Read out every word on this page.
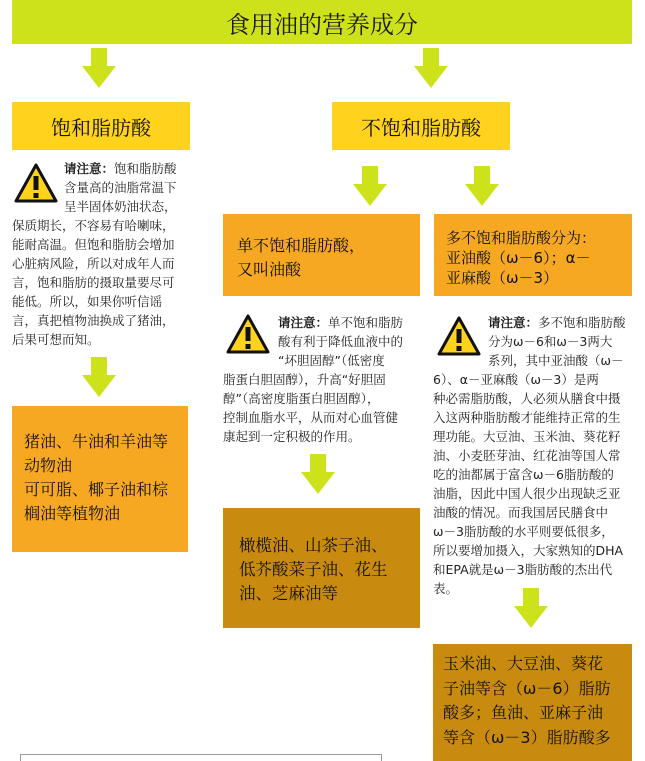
食用油的营养成分
饱和脂肪酸
请注意：饱和脂肪酸
含量高的油脂常温下
呈半固体奶油状态，
保质期长，不容易有哈喇味，
能耐高温。但饱和脂肪会增加
心脏病风险，所以对成年人而
言，饱和脂肪的摄取量要尽可
能低。所以，如果你听信谣
言，真把植物油换成了猪油，
后果可想而知。
猪油、牛油和羊油等
动物油
可可脂、椰子油和棕
榈油等植物油
不饱和脂肪酸
单不饱和脂肪酸，
又叫油酸
请注意：单不饱和脂肪
酸有利于降低血液中的
“坏胆固醇”（低密度
脂蛋白胆固醇），升高“好胆固
醇”（高密度脂蛋白胆固醇），
控制血脂水平，从而对心血管健
康起到一定积极的作用。
橄榄油、山茶子油、
低芥酸菜子油、花生
油、芝麻油等
多不饱和脂肪酸分为：
亚油酸（ω－6）；α－
亚麻酸（ω－3）
请注意：多不饱和脂肪酸
分为ω－6和ω－3两大
系列，其中亚油酸（ω－
6）、α－亚麻酸（ω－3）是两
种必需脂肪酸，人必须从膳食中摄
入这两种脂肪酸才能维持正常的生
理功能。大豆油、玉米油、葵花籽
油、小麦胚芽油、红花油等国人常
吃的油都属于富含ω－6脂肪酸的
油脂，因此中国人很少出现缺乏亚
油酸的情况。而我国居民膳食中
ω－3脂肪酸的水平则要低很多，
所以要增加摄入，大家熟知的DHA
和EPA就是ω－3脂肪酸的杰出代
表。
玉米油、大豆油、葵花
子油等含（ω－6）脂肪
酸多；鱼油、亚麻子油
等含（ω－3）脂肪酸多
